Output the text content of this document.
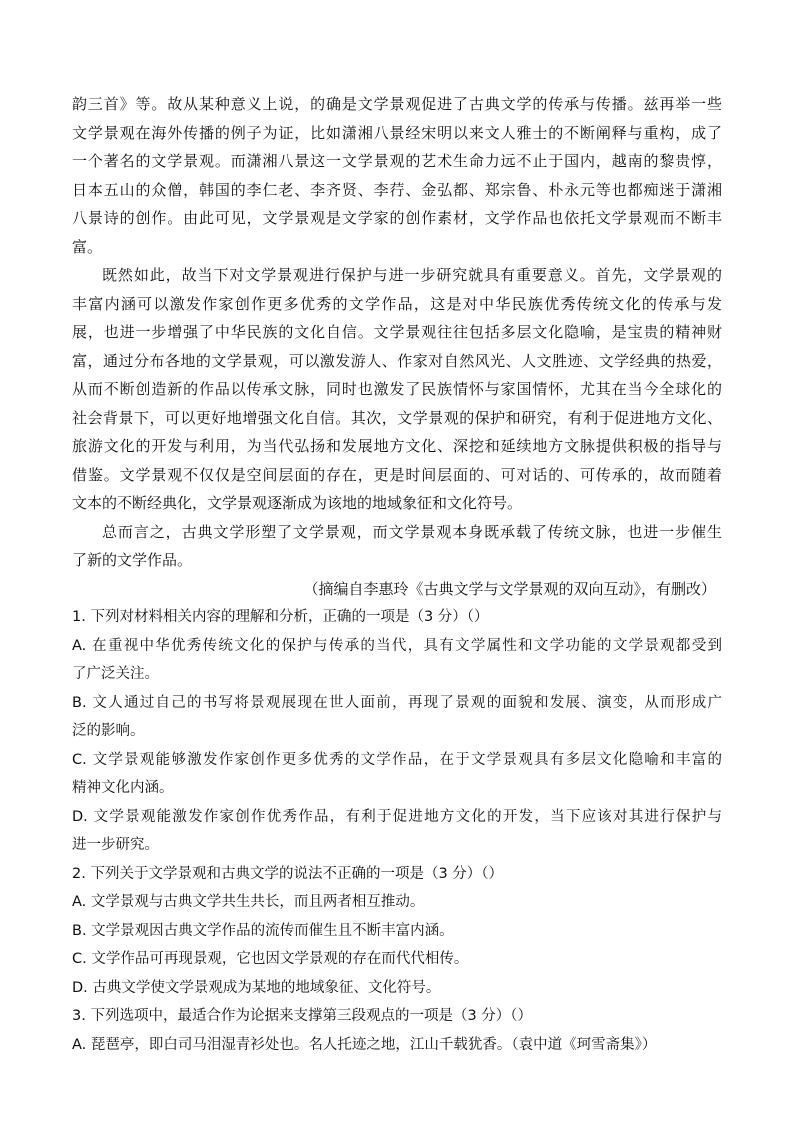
韵三首》等。故从某种意义上说，的确是文学景观促进了古典文学的传承与传播。兹再举一些
文学景观在海外传播的例子为证，比如潇湘八景经宋明以来文人雅士的不断阐释与重构，成了
一个著名的文学景观。而潇湘八景这一文学景观的艺术生命力远不止于国内，越南的黎贵惇，
日本五山的众僧，韩国的李仁老、李齐贤、李荇、金弘都、郑宗鲁、朴永元等也都痴迷于潇湘
八景诗的创作。由此可见，文学景观是文学家的创作素材，文学作品也依托文学景观而不断丰
富。
既然如此，故当下对文学景观进行保护与进一步研究就具有重要意义。首先，文学景观的
丰富内涵可以激发作家创作更多优秀的文学作品，这是对中华民族优秀传统文化的传承与发
展，也进一步增强了中华民族的文化自信。文学景观往往包括多层文化隐喻，是宝贵的精神财
富，通过分布各地的文学景观，可以激发游人、作家对自然风光、人文胜迹、文学经典的热爱，
从而不断创造新的作品以传承文脉，同时也激发了民族情怀与家国情怀，尤其在当今全球化的
社会背景下，可以更好地增强文化自信。其次，文学景观的保护和研究，有利于促进地方文化、
旅游文化的开发与利用，为当代弘扬和发展地方文化、深挖和延续地方文脉提供积极的指导与
借鉴。文学景观不仅仅是空间层面的存在，更是时间层面的、可对话的、可传承的，故而随着
文本的不断经典化，文学景观逐渐成为该地的地域象征和文化符号。
总而言之，古典文学形塑了文学景观，而文学景观本身既承载了传统文脉，也进一步催生
了新的文学作品。
（摘编自李惠玲《古典文学与文学景观的双向互动》，有删改）
1. 下列对材料相关内容的理解和分析，正确的一项是（3 分）（）
A. 在重视中华优秀传统文化的保护与传承的当代，具有文学属性和文学功能的文学景观都受到
了广泛关注。
B. 文人通过自己的书写将景观展现在世人面前，再现了景观的面貌和发展、演变，从而形成广
泛的影响。
C. 文学景观能够激发作家创作更多优秀的文学作品，在于文学景观具有多层文化隐喻和丰富的
精神文化内涵。
D. 文学景观能激发作家创作优秀作品，有利于促进地方文化的开发，当下应该对其进行保护与
进一步研究。
2. 下列关于文学景观和古典文学的说法不正确的一项是（3 分）（）
A. 文学景观与古典文学共生共长，而且两者相互推动。
B. 文学景观因古典文学作品的流传而催生且不断丰富内涵。
C. 文学作品可再现景观，它也因文学景观的存在而代代相传。
D. 古典文学使文学景观成为某地的地域象征、文化符号。
3. 下列选项中，最适合作为论据来支撑第三段观点的一项是（3 分）（）
A. 琵琶亭，即白司马泪湿青衫处也。名人托迹之地，江山千载犹香。（袁中道《珂雪斋集》）
